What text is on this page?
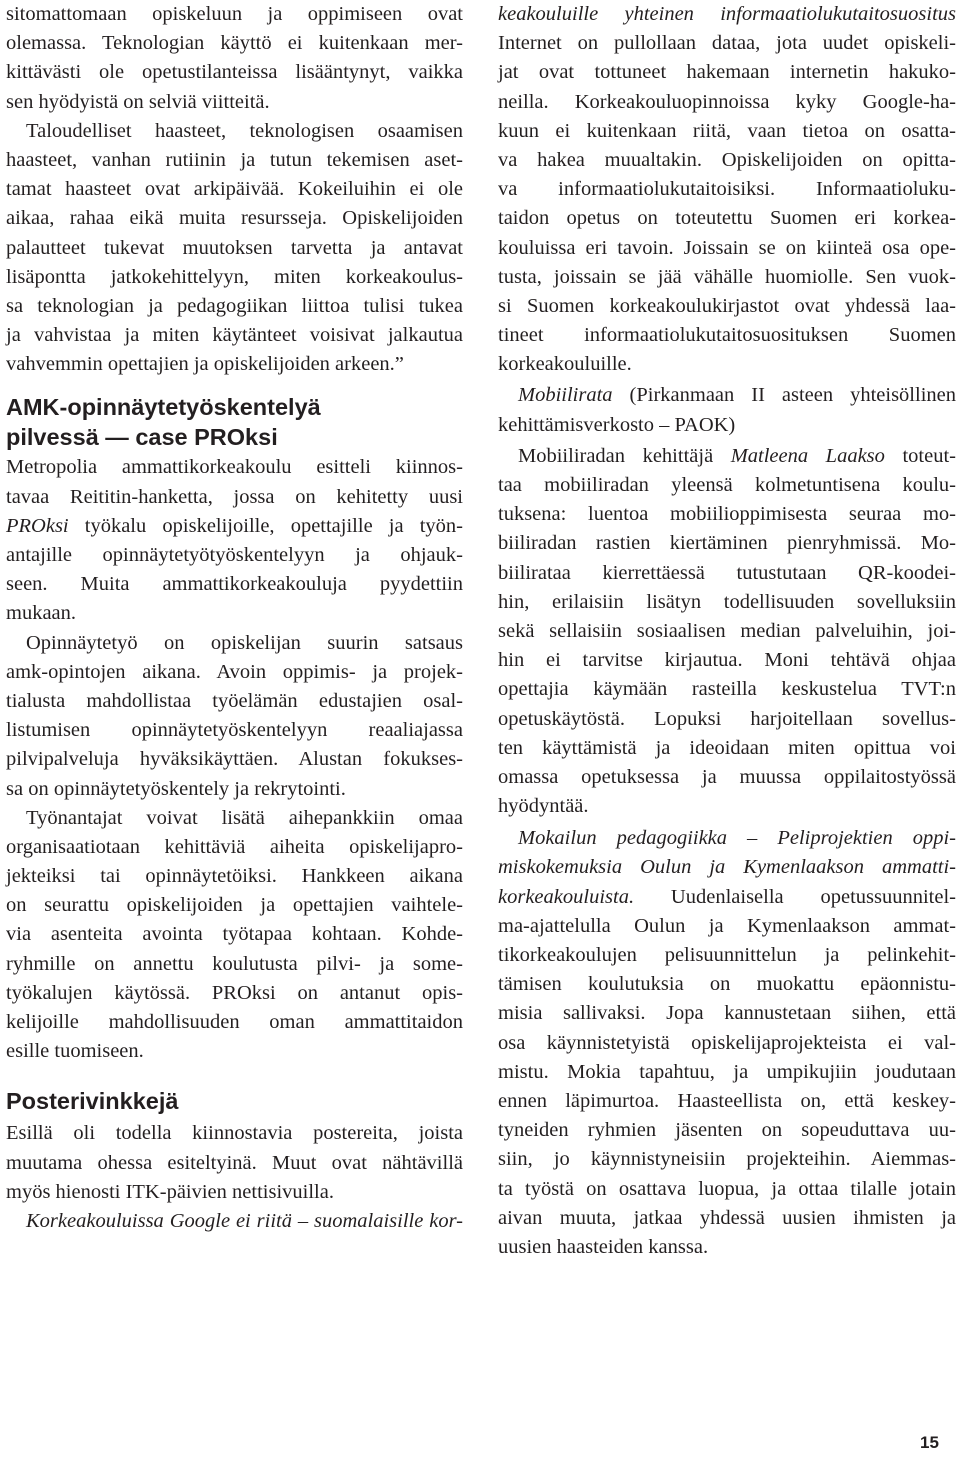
sitomattomaan opiskeluun ja oppimiseen ovat
olemassa. Teknologian käyttö ei kuitenkaan mer-
kittävästi ole opetustilanteissa lisääntynyt, vaikka
sen hyödyistä on selviä viitteitä.
Taloudelliset haasteet, teknologisen osaamisen
haasteet, vanhan rutiinin ja tutun tekemisen aset-
tamat haasteet ovat arkipäivää. Kokeiluihin ei ole
aikaa, rahaa eikä muita resursseja. Opiskelijoiden
palautteet tukevat muutoksen tarvetta ja antavat
lisäpontta jatkokehittelyyn, miten korkeakoulus-
sa teknologian ja pedagogiikan liittoa tulisi tukea
ja vahvistaa ja miten käytänteet voisivat jalkautua
vahvemmin opettajien ja opiskelijoiden arkeen.”
AMK-opinnäytetyöskentelyä
pilvessä — case PROksi
Metropolia ammattikorkeakoulu esitteli kiinnos-
tavaa Reititin-hanketta, jossa on kehitetty uusi
PROksi työkalu opiskelijoille, opettajille ja työn-
antajille opinnäytetyötyöskentelyyn ja ohjauk-
seen. Muita ammattikorkeakouluja pyydettiin
mukaan.
Opinnäytetyö on opiskelijan suurin satsaus
amk-opintojen aikana. Avoin oppimis- ja projek-
tialusta mahdollistaa työelämän edustajien osal-
listumisen opinnäytetyöskentelyyn reaaliajassa
pilvipalveluja hyväksikäyttäen. Alustan fokukses-
sa on opinnäytetyöskentely ja rekrytointi.
Työnantajat voivat lisätä aihepankkiin omaa
organisaatiotaan kehittäviä aiheita opiskelijapro-
jekteiksi tai opinnäytetöiksi. Hankkeen aikana
on seurattu opiskelijoiden ja opettajien vaihtele-
via asenteita avointa työtapaa kohtaan. Kohde-
ryhmille on annettu koulutusta pilvi- ja some-
työkalujen käytössä. PROksi on antanut opis-
kelijoille mahdollisuuden oman ammattitaidon
esille tuomiseen.
Posterivinkkejä
Esillä oli todella kiinnostavia postereita, joista
muutama ohessa esiteltyinä. Muut ovat nähtävillä
myös hienosti ITK-päivien nettisivuilla.
Korkeakouluissa Google ei riitä – suomalaisille kor-
keakouluille yhteinen informaatiolukutaitosuositus
Internet on pullollaan dataa, jota uudet opiskeli-
jat ovat tottuneet hakemaan internetin hakuko-
neilla. Korkeakouluopinnoissa kyky Google-ha-
kuun ei kuitenkaan riitä, vaan tietoa on osatta-
va hakea muualtakin. Opiskelijoiden on opitta-
va informaatiolukutaitoisiksi. Informaatioluku-
taidon opetus on toteutettu Suomen eri korkea-
kouluissa eri tavoin. Joissain se on kiinteä osa ope-
tusta, joissain se jää vähälle huomiolle. Sen vuok-
si Suomen korkeakoulukirjastot ovat yhdessä laa-
tineet informaatiolukutaitosuosituksen Suomen
korkeakouluille.
Mobiilirata (Pirkanmaan II asteen yhteisöllinen
kehittämisverkosto – PAOK)
Mobiiliradan kehittäjä Matleena Laakso toteut-
taa mobiiliradan yleensä kolmetuntisena koulu-
tuksena: luentoa mobiilioppimisesta seuraa mo-
biiliradan rastien kiertäminen pienryhmissä. Mo-
biilirataa kierrettäessä tutustutaan QR-koodei-
hin, erilaisiin lisätyn todellisuuden sovelluksiin
sekä sellaisiin sosiaalisen median palveluihin, joi-
hin ei tarvitse kirjautua. Moni tehtävä ohjaa
opettajia käymään rasteilla keskustelua TVT:n
opetuskäytöstä. Lopuksi harjoitellaan sovellus-
ten käyttämistä ja ideoidaan miten opittua voi
omassa opetuksessa ja muussa oppilaitostyössä
hyödyntää.
Mokailun pedagogiikka – Peliprojektien oppi-
miskokemuksia Oulun ja Kymenlaakson ammatti-
korkeakouluista. Uudenlaisella opetussuunnitel-
ma-ajattelulla Oulun ja Kymenlaakson ammat-
tikorkeakoulujen pelisuunnittelun ja pelinkehit-
tämisen koulutuksia on muokattu epäonnistu-
misia sallivaksi. Jopa kannustetaan siihen, että
osa käynnistetyistä opiskelijaprojekteista ei val-
mistu. Mokia tapahtuu, ja umpikujiin joudutaan
ennen läpimurtoa. Haasteellista on, että keskey-
tyneiden ryhmien jäsenten on sopeuduttava uu-
siin, jo käynnistyneisiin projekteihin. Aiemmas-
ta työstä on osattava luopua, ja ottaa tilalle jotain
aivan muuta, jatkaa yhdessä uusien ihmisten ja
uusien haasteiden kanssa.
15
